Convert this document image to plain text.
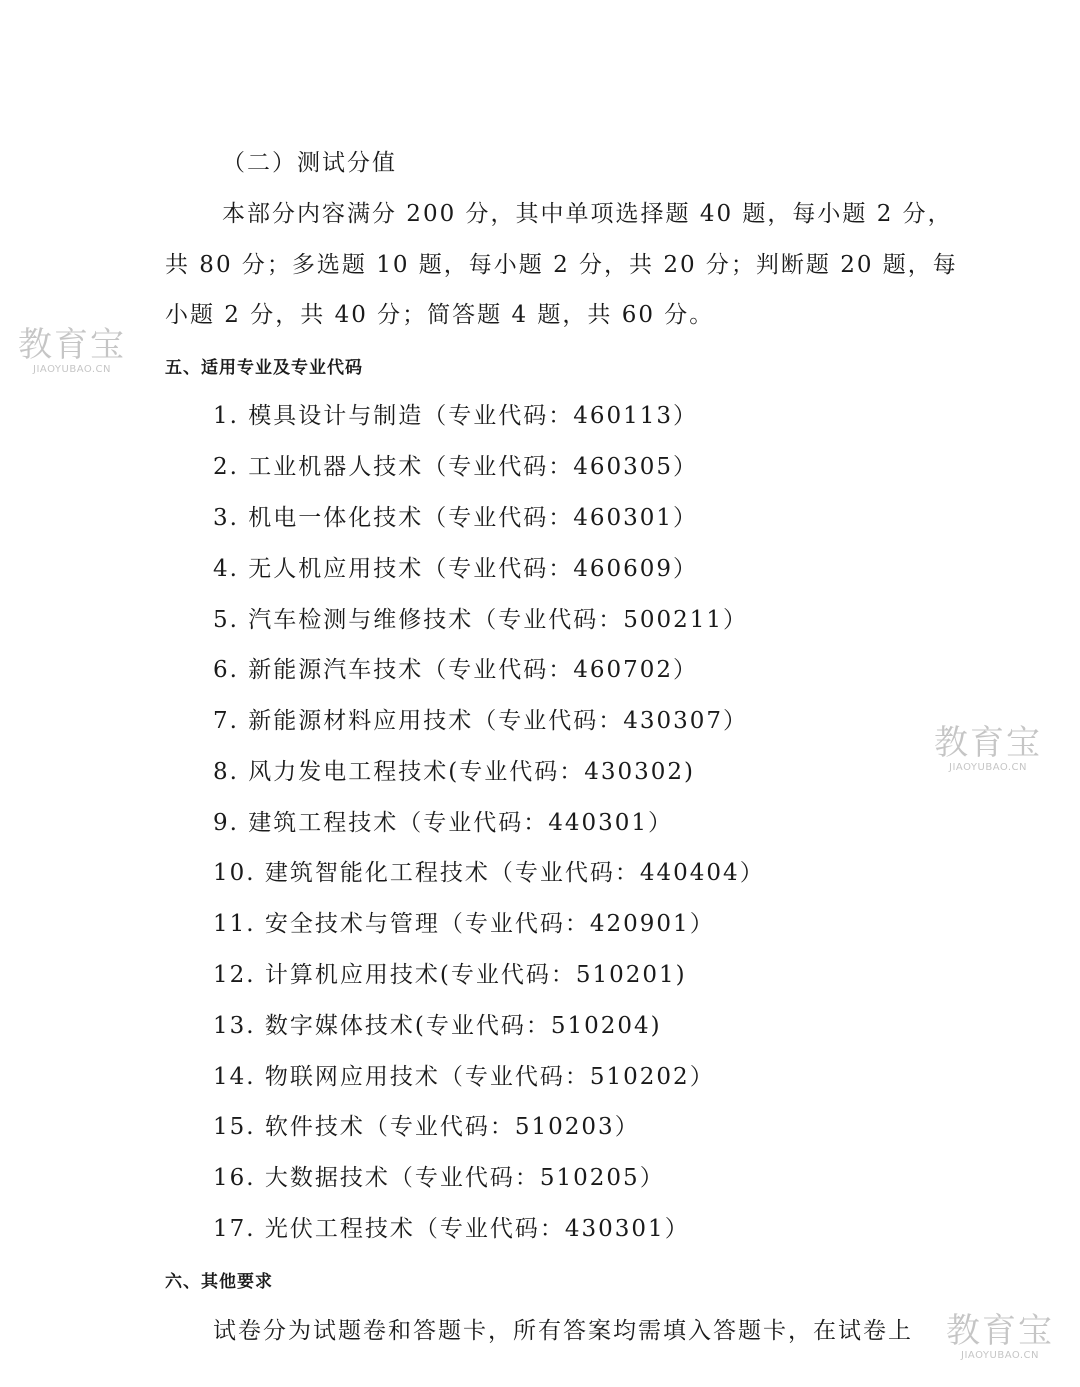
（二）测试分值
本部分内容满分 200 分，其中单项选择题 40 题，每小题 2 分，
共 80 分；多选题 10 题，每小题 2 分，共 20 分；判断题 20 题，每
小题 2 分，共 40 分；简答题 4 题，共 60 分。
五、适用专业及专业代码
1. 模具设计与制造（专业代码：460113）
2. 工业机器人技术（专业代码：460305）
3. 机电一体化技术（专业代码：460301）
4. 无人机应用技术（专业代码：460609）
5. 汽车检测与维修技术（专业代码：500211）
6. 新能源汽车技术（专业代码：460702）
7. 新能源材料应用技术（专业代码：430307）
8. 风力发电工程技术(专业代码：430302)
9. 建筑工程技术（专业代码：440301）
10. 建筑智能化工程技术（专业代码：440404）
11. 安全技术与管理（专业代码：420901）
12. 计算机应用技术(专业代码：510201)
13. 数字媒体技术(专业代码：510204)
14. 物联网应用技术（专业代码：510202）
15. 软件技术（专业代码：510203）
16. 大数据技术（专业代码：510205）
17. 光伏工程技术（专业代码：430301）
六、其他要求
试卷分为试题卷和答题卡，所有答案均需填入答题卡，在试卷上
教育宝
JIAOYUBAO.CN
教育宝
JIAOYUBAO.CN
教育宝
JIAOYUBAO.CN
